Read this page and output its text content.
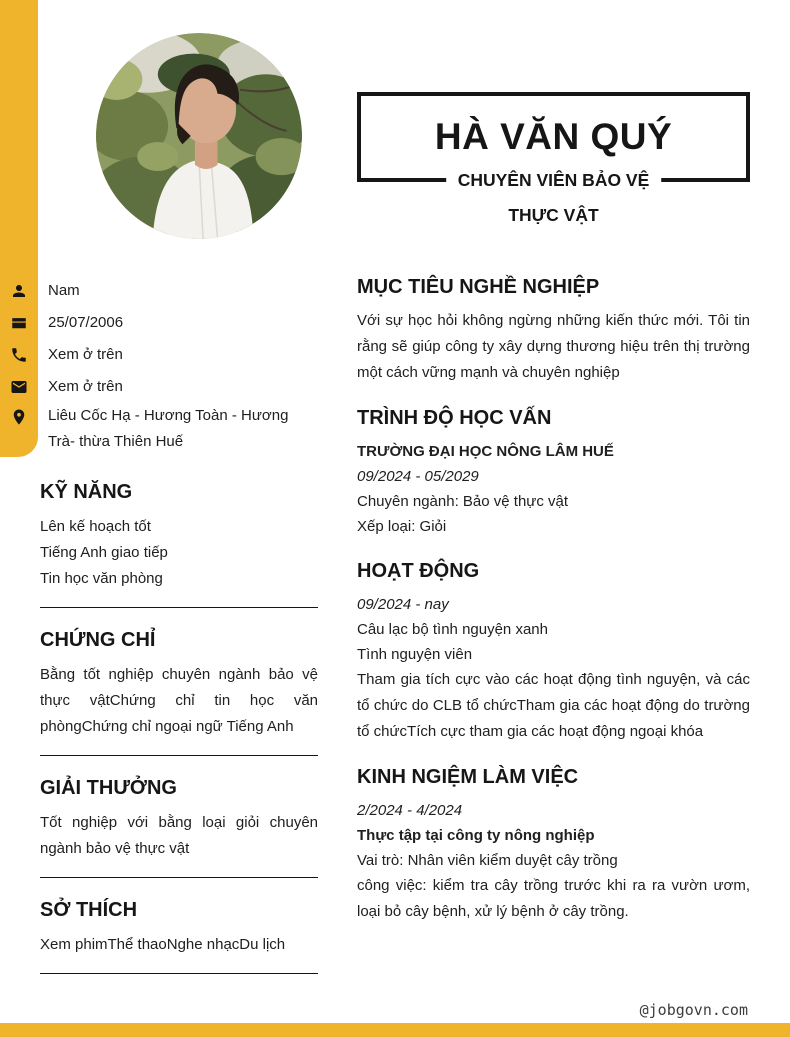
HÀ VĂN QUÝ
CHUYÊN VIÊN BẢO VỆ
THỰC VẬT
Nam
25/07/2006
Xem ở trên
Xem ở trên
Liêu Cốc Hạ - Hương Toàn - Hương Trà- thừa Thiên Huế
KỸ NĂNG
Lên kế hoạch tốt
Tiếng Anh giao tiếp
Tin học văn phòng
CHỨNG CHỈ

Bằng tốt nghiệp chuyên ngành bảo vệ thực vậtChứng chỉ tin học văn phòngChứng chỉ ngoại ngữ Tiếng Anh

GIẢI THƯỞNG

Tốt nghiệp với bằng loại giỏi chuyên ngành bảo vệ thực vật

SỞ THÍCH

Xem phimThể thaoNghe nhạcDu lịch

MỤC TIÊU NGHỀ NGHIỆP

Với sự học hỏi không ngừng những kiến thức mới. Tôi tin rằng sẽ giúp công ty xây dựng thương hiệu trên thị trường một cách vững mạnh và chuyên nghiệp

TRÌNH ĐỘ HỌC VẤN
TRƯỜNG ĐẠI HỌC NÔNG LÂM HUẾ
09/2024 - 05/2029
Chuyên ngành: Bảo vệ thực vật
Xếp loại: Giỏi
HOẠT ĐỘNG
09/2024 - nay
Câu lạc bộ tình nguyện xanh
Tình nguyện viên

Tham gia tích cực vào các hoạt động tình nguyện, và các tổ chức do CLB tổ chứcTham gia các hoạt động do trường tổ chứcTích cực tham gia các hoạt động ngoại khóa

KINH NGIỆM LÀM VIỆC
2/2024 - 4/2024
Thực tập tại công ty nông nghiệp
Vai trò: Nhân viên kiểm duyệt cây trồng

công việc: kiểm tra cây trồng trước khi ra ra vườn ươm, loại bỏ cây bệnh, xử lý bệnh ở cây trồng.

@jobgovn.com
